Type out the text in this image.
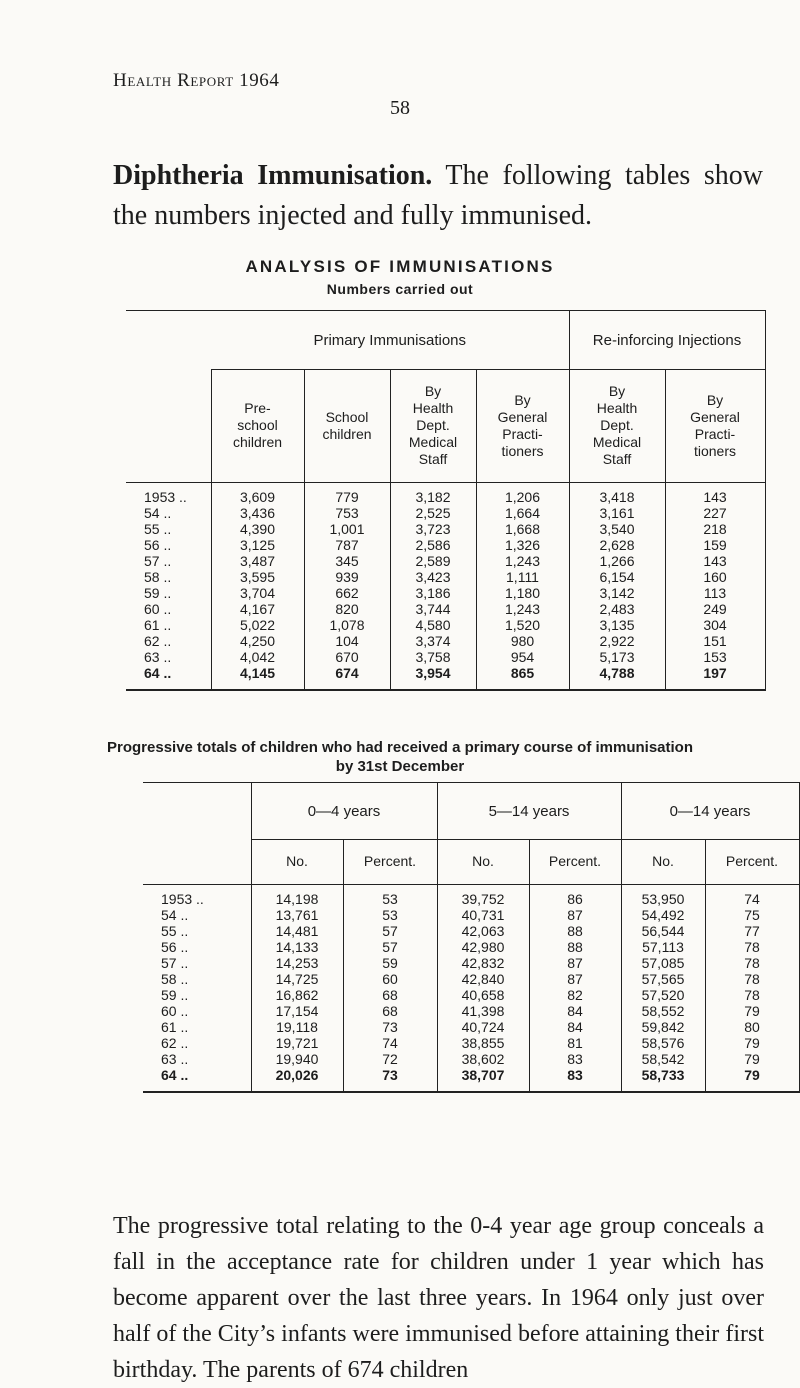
Health Report 1964
58
Diphtheria Immunisation. The following tables show the numbers injected and fully immunised.
ANALYSIS OF IMMUNISATIONS
Numbers carried out
	Primary Immunisations				Re-inforcing Injections	
	Pre-
school
children	School
children	By
Health
Dept.
Medical
Staff	By
General
Practi-
tioners	By
Health
Dept.
Medical
Staff	By
General
Practi-
tioners
1953 ..	3,609	779	3,182	1,206	3,418	143
54 ..	3,436	753	2,525	1,664	3,161	227
55 ..	4,390	1,001	3,723	1,668	3,540	218
56 ..	3,125	787	2,586	1,326	2,628	159
57 ..	3,487	345	2,589	1,243	1,266	143
58 ..	3,595	939	3,423	1,111	6,154	160
59 ..	3,704	662	3,186	1,180	3,142	113
60 ..	4,167	820	3,744	1,243	2,483	249
61 ..	5,022	1,078	4,580	1,520	3,135	304
62 ..	4,250	104	3,374	980	2,922	151
63 ..	4,042	670	3,758	954	5,173	153
64 ..	4,145	674	3,954	865	4,788	197
Progressive totals of children who had received a primary course of immunisation
by 31st December
	0—4 years		5—14 years		0—14 years	
	No.	Percent.	No.	Percent.	No.	Percent.
1953 ..	14,198	53	39,752	86	53,950	74
54 ..	13,761	53	40,731	87	54,492	75
55 ..	14,481	57	42,063	88	56,544	77
56 ..	14,133	57	42,980	88	57,113	78
57 ..	14,253	59	42,832	87	57,085	78
58 ..	14,725	60	42,840	87	57,565	78
59 ..	16,862	68	40,658	82	57,520	78
60 ..	17,154	68	41,398	84	58,552	79
61 ..	19,118	73	40,724	84	59,842	80
62 ..	19,721	74	38,855	81	58,576	79
63 ..	19,940	72	38,602	83	58,542	79
64 ..	20,026	73	38,707	83	58,733	79
The progressive total relating to the 0-4 year age group conceals a fall in the acceptance rate for children under 1 year which has become apparent over the last three years. In 1964 only just over half of the City’s infants were immunised before attaining their first birthday. The parents of 674 children
